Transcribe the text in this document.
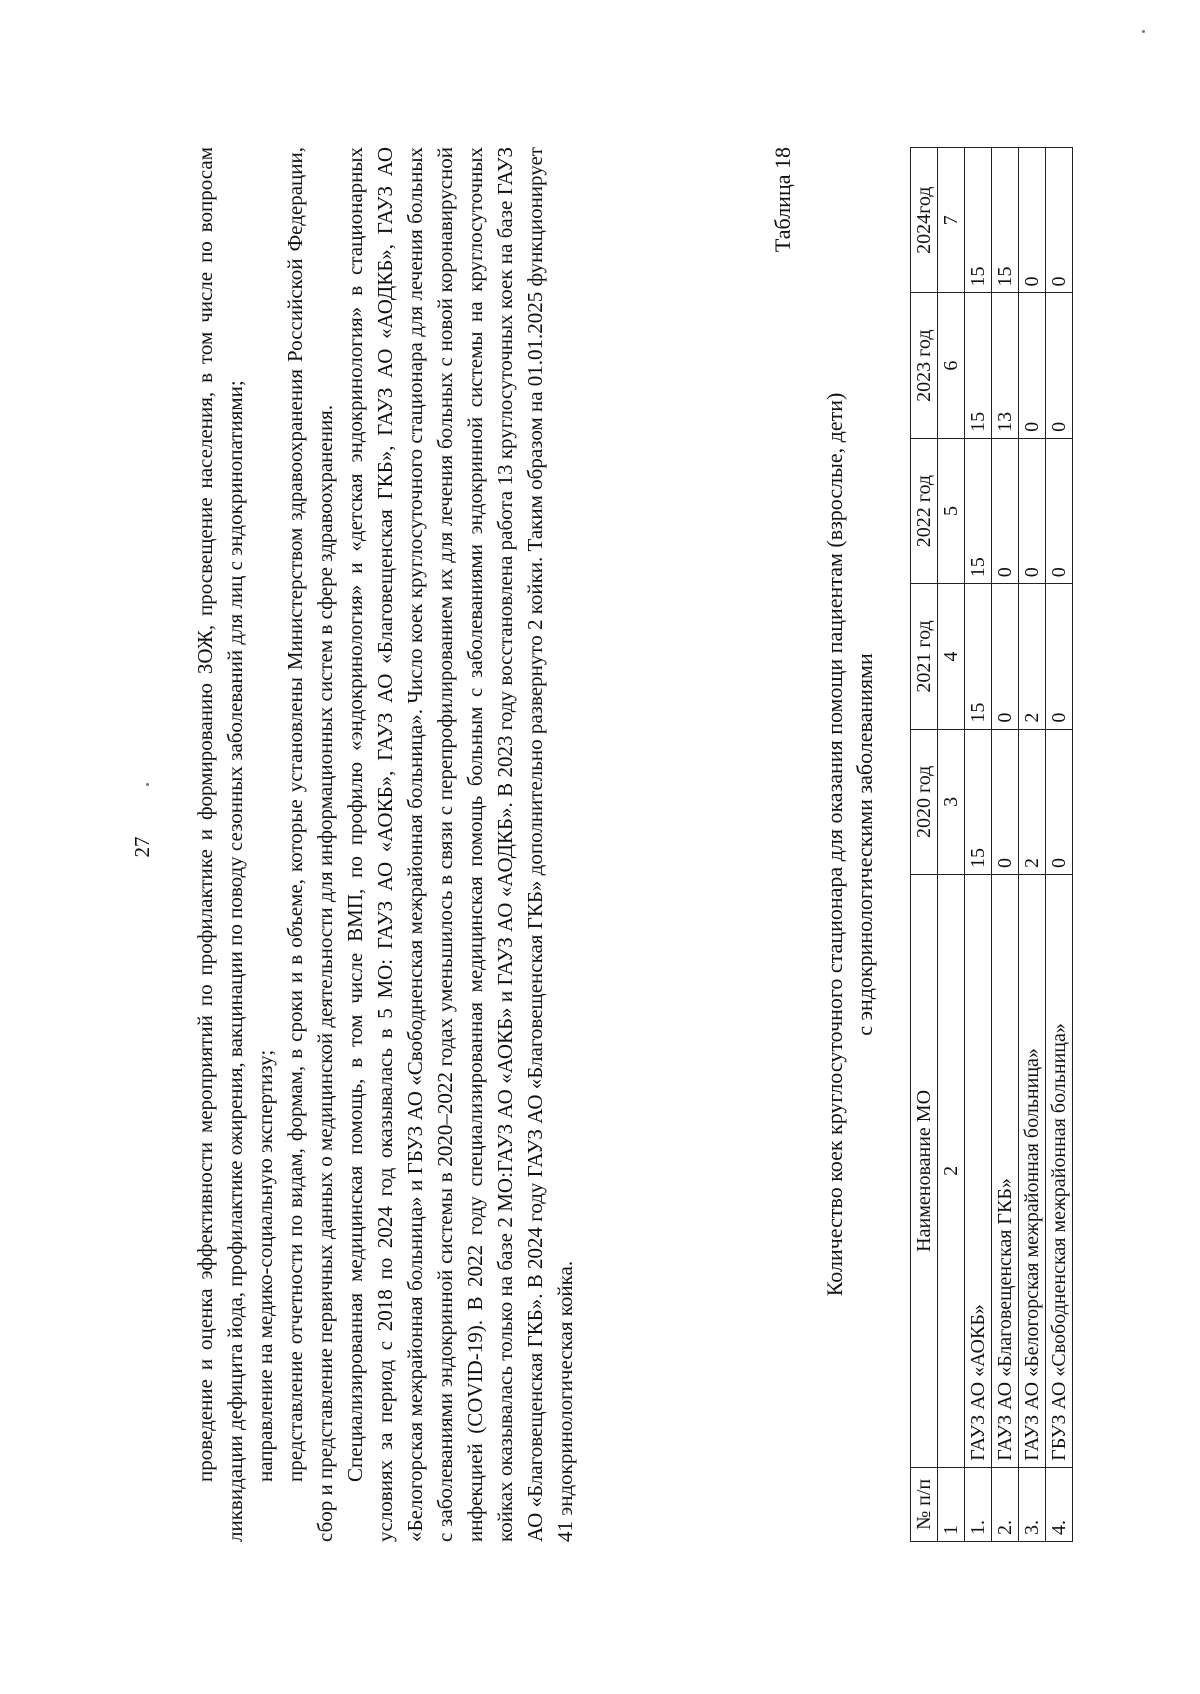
27 проведение и оценка эффективности мероприятий по профилактике и формированию ЗОЖ, просвещение населения, в том числе по вопросам ликвидации дефицита йода, профилактике ожирения, вакцинации по поводу сезонных заболеваний для лиц с эндокринопатиями; направление на медико-социальную экспертизу; представление отчетности по видам, формам, в сроки и в объеме, которые установлены Министерством здравоохранения Российской Федерации, сбор и представление первичных данных о медицинской деятельности для информационных систем в сфере здравоохранения. Специализированная медицинская помощь, в том числе ВМП, по профилю «эндокринология» и «детская эндокринология» в стационарных условиях за период с 2018 по 2024 год оказывалась в 5 МО: ГАУЗ АО «АОКБ», ГАУЗ АО «Благовещенская ГКБ», ГАУЗ АО «АОДКБ», ГАУЗ АО «Белогорская межрайонная больница» и ГБУЗ АО «Свободненская межрайонная больница». Число коек круглосуточного стационара для лечения больных с заболеваниями эндокринной системы в 2020–2022 годах уменьшилось в связи с перепрофилированием их для лечения больных с новой коронавирусной инфекцией (COVID-19). В 2022 году специализированная медицинская помощь больным с заболеваниями эндокринной системы на круглосуточных койках оказывалась только на базе 2 МО:ГАУЗ АО «АОКБ» и ГАУЗ АО «АОДКБ». В 2023 году восстановлена работа 13 круглосуточных коек на базе ГАУЗ АО «Благовещенская ГКБ». В 2024 году ГАУЗ АО «Благовещенская ГКБ» дополнительно развернуто 2 койки. Таким образом на 01.01.2025 функционирует 41 эндокринологическая койка.

Таблица 18
Количество коек круглосуточного стационара для оказания помощи пациентам (взрослые, дети) с эндокринологическими заболеваниями
№ п/п	Наименование МО	2020 год	2021 год	2022 год	2023 год	2024год
1	2	3	4	5	6	7
1.	ГАУЗ АО «АОКБ»	15	15	15	15	15
2.	ГАУЗ АО «Благовещенская ГКБ»	0	0	0	13	15
3.	ГАУЗ АО «Белогорская межрайонная больница»	2	2	0	0	0
4.	ГБУЗ АО «Свободненская межрайонная больница»	0	0	0	0	0
